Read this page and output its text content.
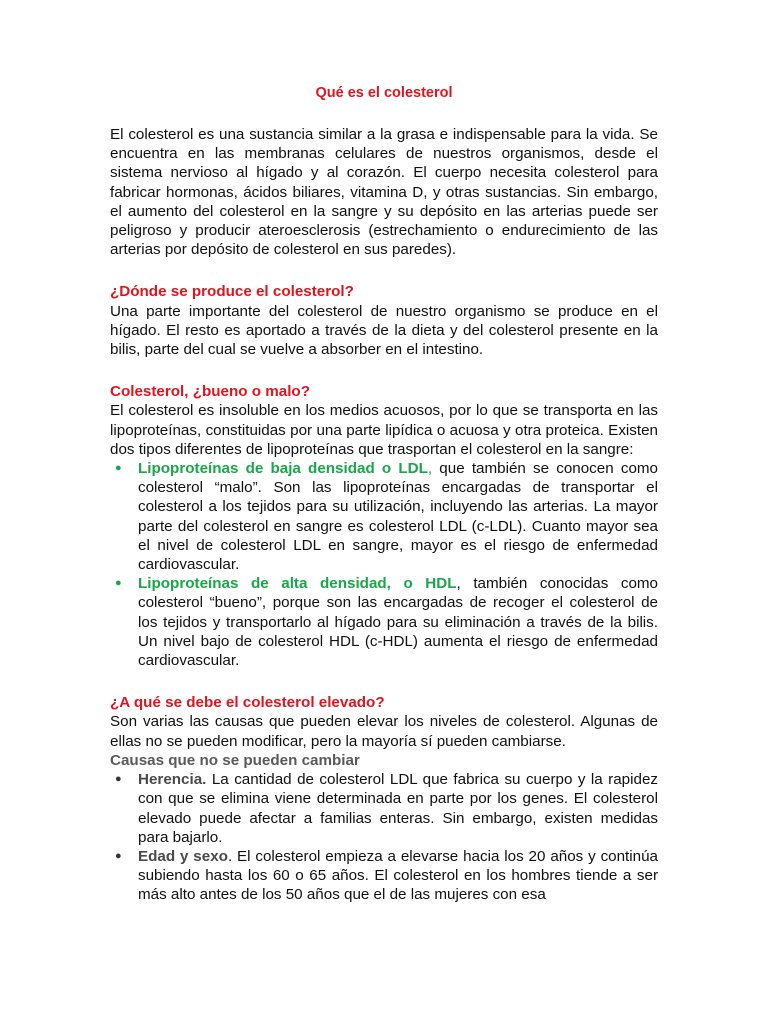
Qué es el colesterol

El colesterol es una sustancia similar a la grasa e indispensable para la vida. Se encuentra en las membranas celulares de nuestros organismos, desde el sistema nervioso al hígado y al corazón. El cuerpo necesita colesterol para fabricar hormonas, ácidos biliares, vitamina D, y otras sustancias. Sin embargo, el aumento del colesterol en la sangre y su depósito en las arterias puede ser peligroso y producir ateroesclerosis (estrechamiento o endurecimiento de las arterias por depósito de colesterol en sus paredes).

¿Dónde se produce el colesterol?

Una parte importante del colesterol de nuestro organismo se produce en el hígado. El resto es aportado a través de la dieta y del colesterol presente en la bilis, parte del cual se vuelve a absorber en el intestino.

Colesterol, ¿bueno o malo?

El colesterol es insoluble en los medios acuosos, por lo que se transporta en las lipoproteínas, constituidas por una parte lipídica o acuosa y otra proteica. Existen dos tipos diferentes de lipoproteínas que trasportan el colesterol en la sangre:

● Lipoproteínas de baja densidad o LDL, que también se conocen como colesterol “malo”. Son las lipoproteínas encargadas de transportar el colesterol a los tejidos para su utilización, incluyendo las arterias. La mayor parte del colesterol en sangre es colesterol LDL (c-LDL). Cuanto mayor sea el nivel de colesterol LDL en sangre, mayor es el riesgo de enfermedad cardiovascular.
● Lipoproteínas de alta densidad, o HDL, también conocidas como colesterol “bueno”, porque son las encargadas de recoger el colesterol de los tejidos y transportarlo al hígado para su eliminación a través de la bilis. Un nivel bajo de colesterol HDL (c-HDL) aumenta el riesgo de enfermedad cardiovascular.

¿A qué se debe el colesterol elevado?

Son varias las causas que pueden elevar los niveles de colesterol. Algunas de ellas no se pueden modificar, pero la mayoría sí pueden cambiarse.

Causas que no se pueden cambiar

● Herencia. La cantidad de colesterol LDL que fabrica su cuerpo y la rapidez con que se elimina viene determinada en parte por los genes. El colesterol elevado puede afectar a familias enteras. Sin embargo, existen medidas para bajarlo.
● Edad y sexo. El colesterol empieza a elevarse hacia los 20 años y continúa subiendo hasta los 60 o 65 años. El colesterol en los hombres tiende a ser más alto antes de los 50 años que el de las mujeres con esa
